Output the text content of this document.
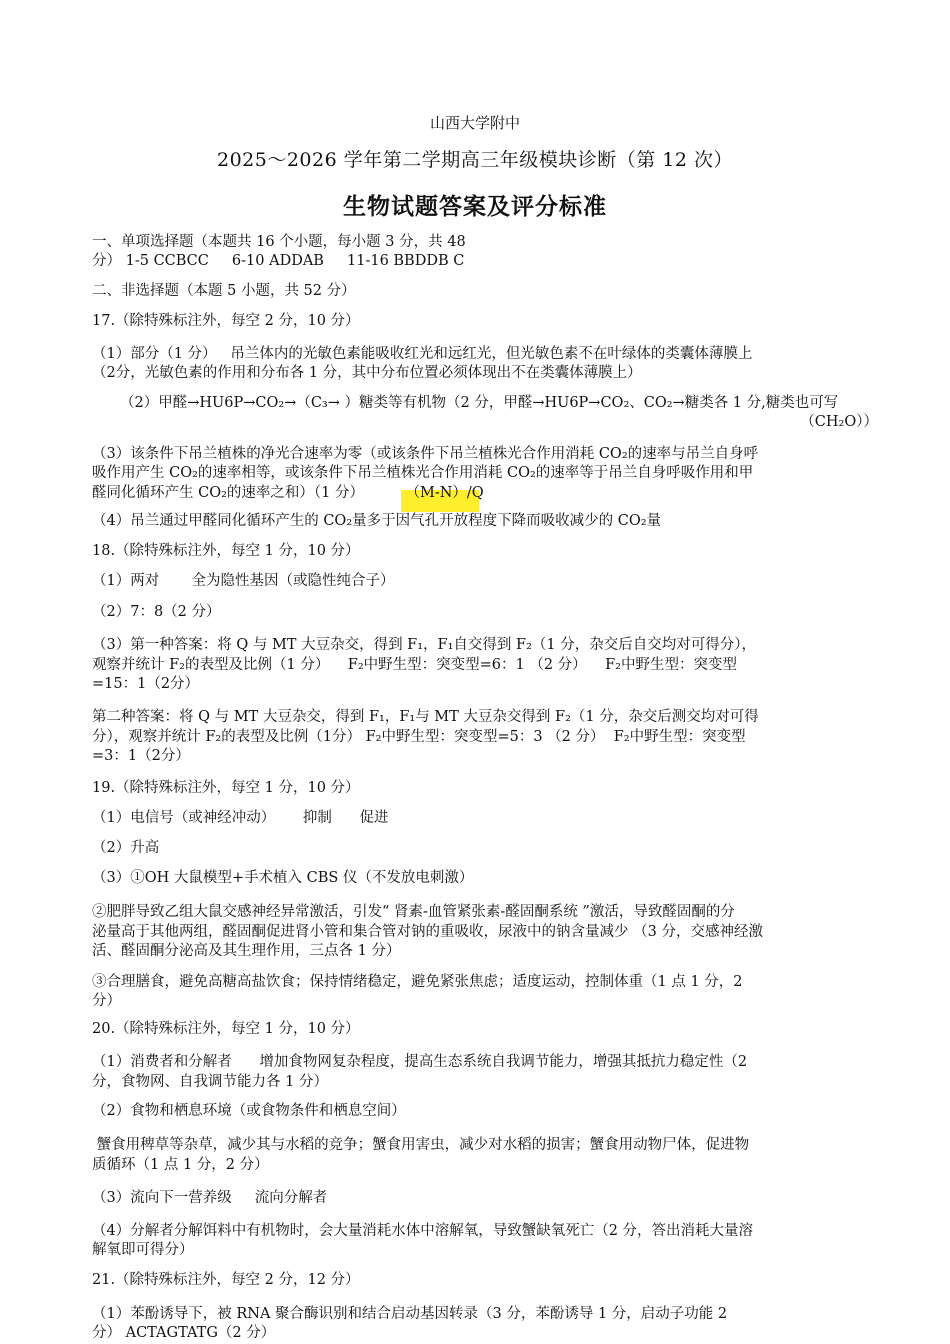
山西大学附中
2025～2026 学年第二学期高三年级模块诊断（第 12 次）
生物试题答案及评分标准
一、单项选择题（本题共 16 个小题，每小题 3 分，共 48
分） 1-5 CCBCC     6-10 ADDAB     11-16 BBDDB C
二、非选择题（本题 5 小题，共 52 分）
17.（除特殊标注外，每空 2 分，10 分）
（1）部分（1 分）   吊兰体内的光敏色素能吸收红光和远红光，但光敏色素不在叶绿体的类囊体薄膜上
（2分，光敏色素的作用和分布各 1 分，其中分布位置必须体现出不在类囊体薄膜上）
（2）甲醛→HU6P→CO₂→（C₃→ ）糖类等有机物（2 分，甲醛→HU6P→CO₂、CO₂→糖类各 1 分,糖类也可写
（CH₂O））
（3）该条件下吊兰植株的净光合速率为零（或该条件下吊兰植株光合作用消耗 CO₂的速率与吊兰自身呼
吸作用产生 CO₂的速率相等，或该条件下吊兰植株光合作用消耗 CO₂的速率等于吊兰自身呼吸作用和甲
醛同化循环产生 CO₂的速率之和）（1 分）         （M-N）/Q
（4）吊兰通过甲醛同化循环产生的 CO₂量多于因气孔开放程度下降而吸收减少的 CO₂量
18.（除特殊标注外，每空 1 分，10 分）
（1）两对       全为隐性基因（或隐性纯合子）
（2）7：8（2 分）
（3）第一种答案：将 Q 与 MT 大豆杂交，得到 F₁，F₁自交得到 F₂（1 分，杂交后自交均对可得分），
观察并统计 F₂的表型及比例（1 分）    F₂中野生型：突变型=6：1 （2 分）    F₂中野生型：突变型
=15：1（2分）
第二种答案：将 Q 与 MT 大豆杂交，得到 F₁，F₁与 MT 大豆杂交得到 F₂（1 分，杂交后测交均对可得
分），观察并统计 F₂的表型及比例（1分） F₂中野生型：突变型=5：3 （2 分）  F₂中野生型：突变型
=3：1（2分）
19.（除特殊标注外，每空 1 分，10 分）
（1）电信号（或神经冲动）      抑制      促进
（2）升高
（3）①OH 大鼠模型+手术植入 CBS 仪（不发放电刺激）
②肥胖导致乙组大鼠交感神经异常激活，引发“ 肾素-血管紧张素-醛固酮系统 ”激活，导致醛固酮的分
泌量高于其他两组，醛固酮促进肾小管和集合管对钠的重吸收，尿液中的钠含量减少 （3 分，交感神经激
活、醛固酮分泌高及其生理作用，三点各 1 分）
③合理膳食，避免高糖高盐饮食；保持情绪稳定，避免紧张焦虑；适度运动，控制体重（1 点 1 分，2
分）
20.（除特殊标注外，每空 1 分，10 分）
（1）消费者和分解者      增加食物网复杂程度，提高生态系统自我调节能力，增强其抵抗力稳定性（2
分，食物网、自我调节能力各 1 分）
（2）食物和栖息环境（或食物条件和栖息空间）
蟹食用稗草等杂草，减少其与水稻的竞争；蟹食用害虫，减少对水稻的损害；蟹食用动物尸体，促进物
质循环（1 点 1 分，2 分）
（3）流向下一营养级     流向分解者
（4）分解者分解饵料中有机物时，会大量消耗水体中溶解氧，导致蟹缺氧死亡（2 分，答出消耗大量溶
解氧即可得分）
21.（除特殊标注外，每空 2 分，12 分）
（1）苯酚诱导下，被 RNA 聚合酶识别和结合启动基因转录（3 分，苯酚诱导 1 分，启动子功能 2
分） ACTAGTATG（2 分）
